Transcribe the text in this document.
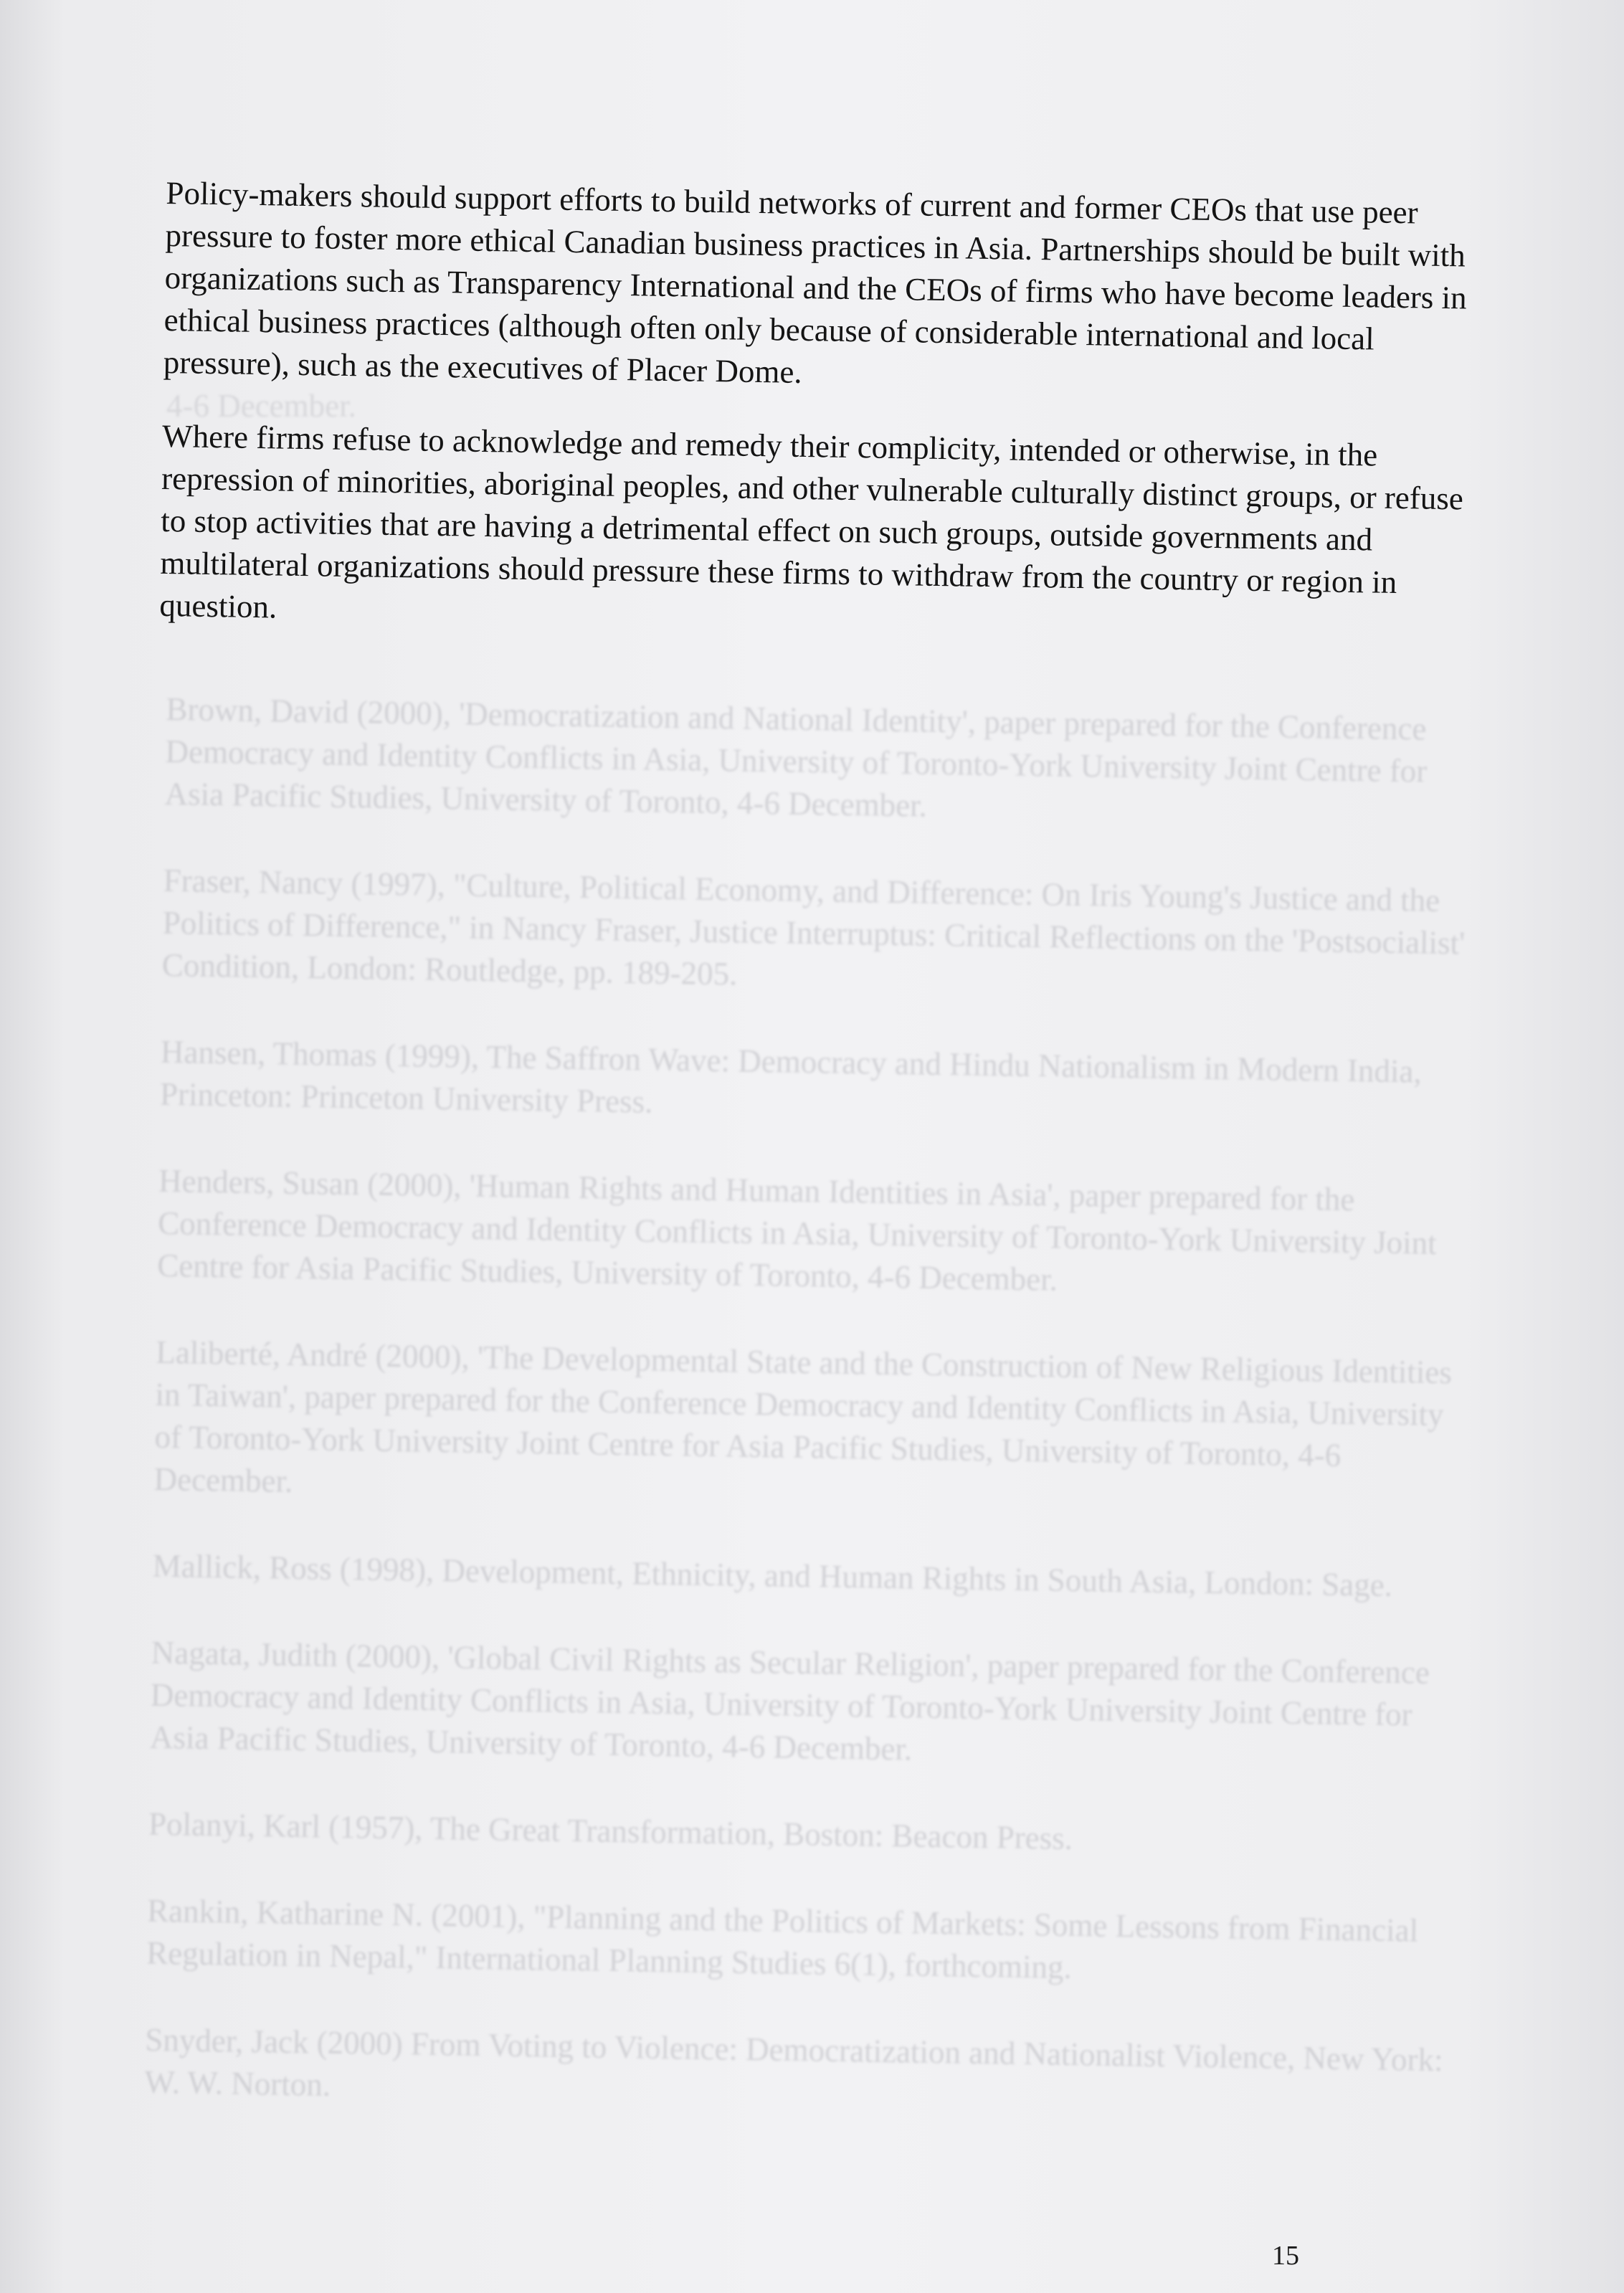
4-6 December.

Brown, David (2000), 'Democratization and National Identity', paper prepared for the Conference Democracy and Identity Conflicts in Asia, University of Toronto-York University Joint Centre for Asia Pacific Studies, University of Toronto, 4-6 December.

Fraser, Nancy (1997), "Culture, Political Economy, and Difference: On Iris Young's Justice and the Politics of Difference," in Nancy Fraser, Justice Interruptus: Critical Reflections on the 'Postsocialist' Condition, London: Routledge, pp. 189-205.

Hansen, Thomas (1999), The Saffron Wave: Democracy and Hindu Nationalism in Modern India, Princeton: Princeton University Press.

Henders, Susan (2000), 'Human Rights and Human Identities in Asia', paper prepared for the Conference Democracy and Identity Conflicts in Asia, University of Toronto-York University Joint Centre for Asia Pacific Studies, University of Toronto, 4-6 December.

Laliberté, André (2000), 'The Developmental State and the Construction of New Religious Identities in Taiwan', paper prepared for the Conference Democracy and Identity Conflicts in Asia, University of Toronto-York University Joint Centre for Asia Pacific Studies, University of Toronto, 4-6 December.

Mallick, Ross (1998), Development, Ethnicity, and Human Rights in South Asia, London: Sage.

Nagata, Judith (2000), 'Global Civil Rights as Secular Religion', paper prepared for the Conference Democracy and Identity Conflicts in Asia, University of Toronto-York University Joint Centre for Asia Pacific Studies, University of Toronto, 4-6 December.

Polanyi, Karl (1957), The Great Transformation, Boston: Beacon Press.

Rankin, Katharine N. (2001), "Planning and the Politics of Markets: Some Lessons from Financial Regulation in Nepal," International Planning Studies 6(1), forthcoming.

Snyder, Jack (2000) From Voting to Violence: Democratization and Nationalist Violence, New York: W. W. Norton.

Policy-makers should support efforts to build networks of current and former CEOs that use peer pressure to foster more ethical Canadian business practices in Asia. Partnerships should be built with organizations such as Transparency International and the CEOs of firms who have become leaders in ethical business practices (although often only because of considerable international and local pressure), such as the executives of Placer Dome.

Where firms refuse to acknowledge and remedy their complicity, intended or otherwise, in the repression of minorities, aboriginal peoples, and other vulnerable culturally distinct groups, or refuse to stop activities that are having a detrimental effect on such groups, outside governments and multilateral organizations should pressure these firms to withdraw from the country or region in question.

15
